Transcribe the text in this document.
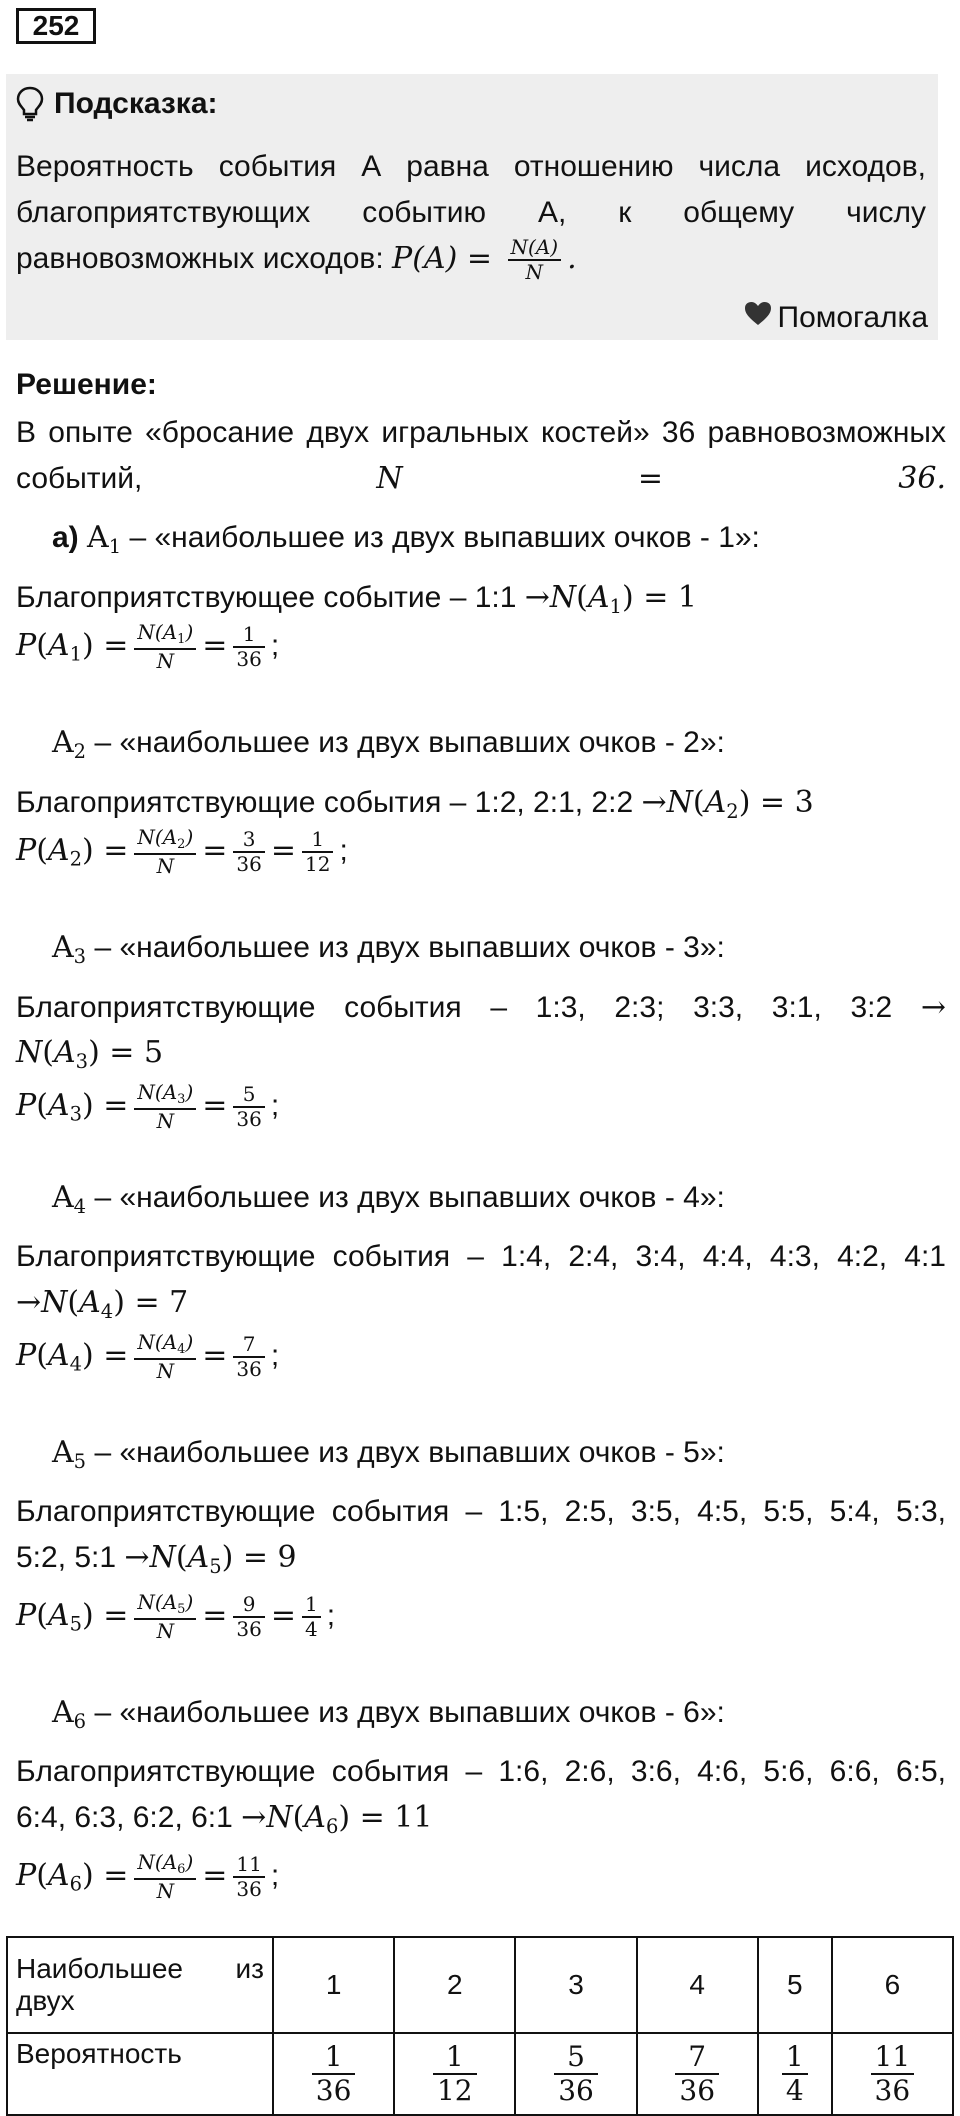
252
Подсказка:
Вероятность события А равна отношению числа исходов, благоприятствующих событию А, к общему числу равновозможных исходов: $P(A) = \frac{N(A)}{N}$ .
Помогалка
Решение:
В опыте «бросание двух игральных костей» 36 равновозможных событий,	N = 36.
а) $A_1$ – «наибольшее из двух выпавших очков - 1»:
Благоприятствующее событие – 1:1 $\to N(A_1) = 1$
$P(A_1) = \frac{N(A_1)}{N} = \frac{1}{36}$ ;
$A_2$ – «наибольшее из двух выпавших очков - 2»:
Благоприятствующие события – 1:2, 2:1, 2:2 $\to N(A_2) = 3$
$P(A_2) = \frac{N(A_2)}{N} = \frac{3}{36} = \frac{1}{12}$ ;
$A_3$ – «наибольшее из двух выпавших очков - 3»:
Благоприятствующие события – 1:3, 2:3; 3:3, 3:1, 3:2 →
$N(A_3) = 5$
$P(A_3) = \frac{N(A_3)}{N} = \frac{5}{36}$ ;
$A_4$ – «наибольшее из двух выпавших очков - 4»:
Благоприятствующие события – 1:4, 2:4, 3:4, 4:4, 4:3, 4:2, 4:1
$\to N(A_4) = 7$
$P(A_4) = \frac{N(A_4)}{N} = \frac{7}{36}$ ;
$A_5$ – «наибольшее из двух выпавших очков - 5»:
Благоприятствующие события – 1:5, 2:5, 3:5, 4:5, 5:5, 5:4, 5:3,
5:2, 5:1 $\to N(A_5) = 9$
$P(A_5) = \frac{N(A_5)}{N} = \frac{9}{36} = \frac{1}{4}$ ;
$A_6$ – «наибольшее из двух выпавших очков - 6»:
Благоприятствующие события – 1:6, 2:6, 3:6, 4:6, 5:6, 6:6, 6:5,
6:4, 6:3, 6:2, 6:1 $\to N(A_6) = 11$
$P(A_6) = \frac{N(A_6)}{N} = \frac{11}{36}$ ;
Наибольшее из
двух	1	2	3	4	5	6
Вероятность	$\frac{1}{36}$	$\frac{1}{12}$	$\frac{5}{36}$	$\frac{7}{36}$	$\frac{1}{4}$	$\frac{11}{36}$
